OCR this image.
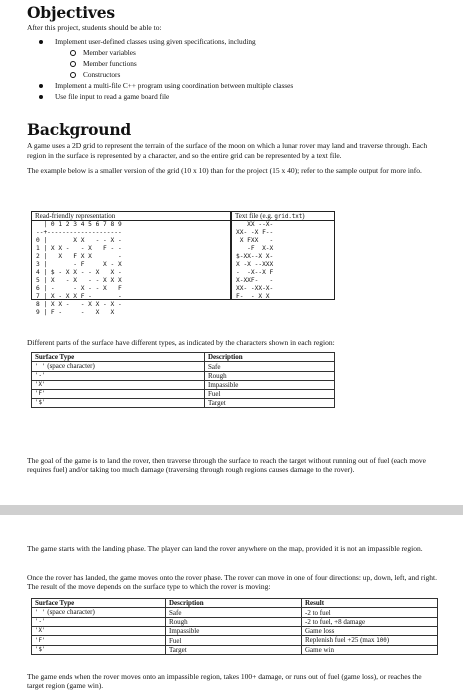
Objectives

After this project, students should be able to:

Implement user-defined classes using given specifications, including
Member variables
Member functions
Constructors
Implement a multi-file C++ program using coordination between multiple classes
Use file input to read a game board file
Background

A game uses a 2D grid to represent the terrain of the surface of the moon on which a lunar rover may land and traverse through. Each region in the surface is represented by a character, and so the entire grid can be represented by a text file.

The example below is a smaller version of the grid (10 x 10) than for the project (15 x 40); refer to the sample output for more info.

Read-friendly representation
| 0 1 2 3 4 5 6 7 8 9
--+--------------------
0 |       X X   - - X -
1 | X X -   - X   F - -
2 |   X   F X X       -
3 |       - F     X - X
4 | $ - X X - - X   X -
5 | X   - X   - - X X X
6 | -     - X - - X   F
7 | X - X X F -       -
8 | X X -   - X X - X -
9 | F -     -   X   X
Text file (e.g. grid.txt)
XX --X-
XX- -X F--
X FXX   -
-F  X-X
$-XX--X X-
X -X --XXX
-  -X--X F
X-XXF-   -
XX- -XX-X-
F-  - X X

Different parts of the surface have different types, as indicated by the characters shown in each region:

Surface Type	Description
' ' (space character)	Safe
'-'	Rough
'X'	Impassible
'F'	Fuel
'$'	Target

The goal of the game is to land the rover, then traverse through the surface to reach the target without running out of fuel (each move requires fuel) and/or taking too much damage (traversing through rough regions causes damage to the rover).

The game starts with the landing phase. The player can land the rover anywhere on the map, provided it is not an impassible region.

Once the rover has landed, the game moves onto the rover phase. The rover can move in one of four directions: up, down, left, and right. The result of the move depends on the surface type to which the rover is moving:

Surface Type	Description	Result
' ' (space character)	Safe	-2 to fuel
'-'	Rough	-2 to fuel, +8 damage
'X'	Impassible	Game loss
'F'	Fuel	Replenish fuel +25 (max 100)
'$'	Target	Game win

The game ends when the rover moves onto an impassible region, takes 100+ damage, or runs out of fuel (game loss), or reaches the target region (game win).
